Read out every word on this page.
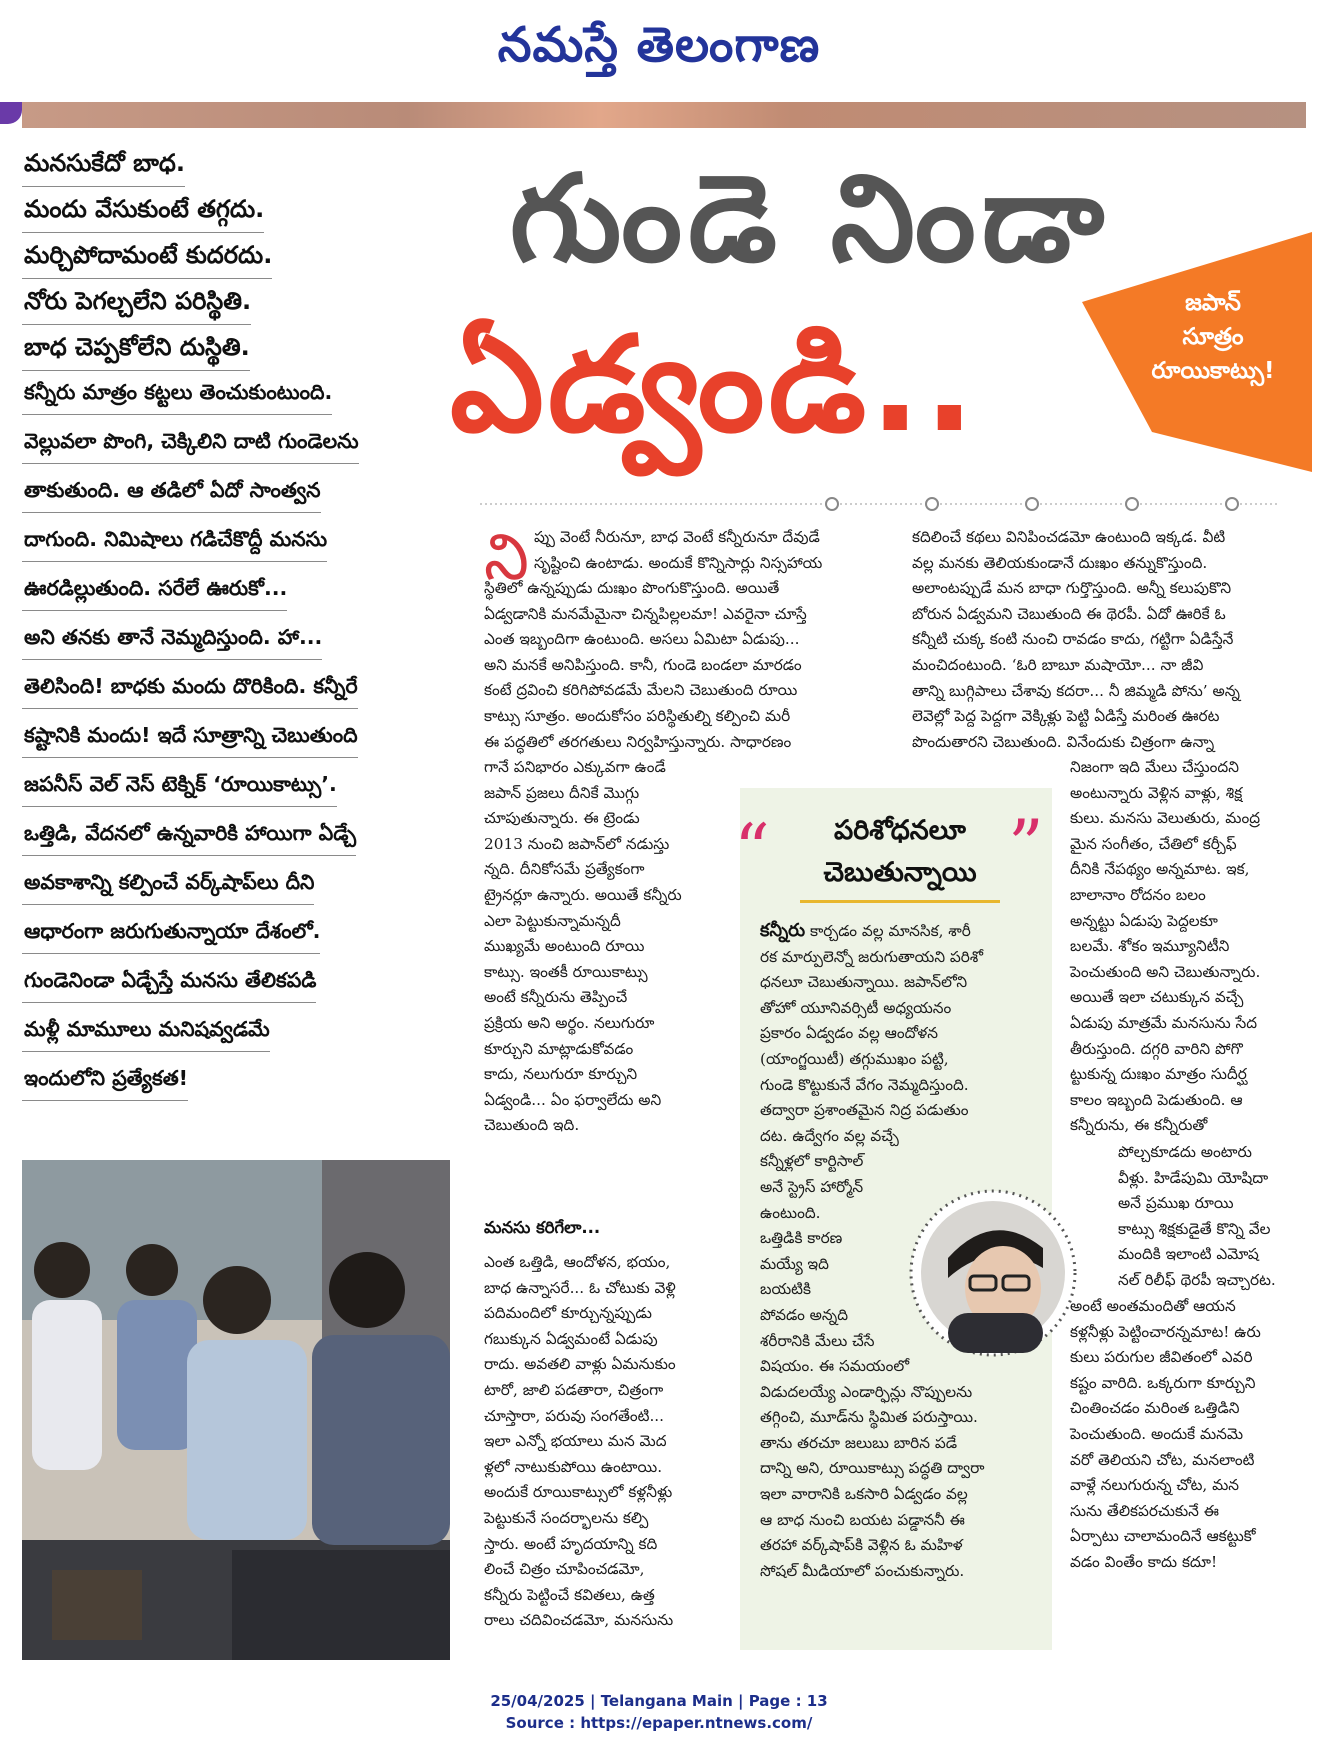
నమస్తే తెలంగాణ
మనసుకేదో బాధ.
మందు వేసుకుంటే తగ్గదు.
మర్చిపోదామంటే కుదరదు.
నోరు పెగల్చలేని పరిస్థితి.
బాధ చెప్పకోలేని దుస్థితి.
కన్నీరు మాత్రం కట్టలు తెంచుకుంటుంది.
వెల్లువలా పొంగి, చెక్కిలిని దాటి గుండెలను
తాకుతుంది. ఆ తడిలో ఏదో సాంత్వన
దాగుంది. నిమిషాలు గడిచేకొద్దీ మనసు
ఊరడిల్లుతుంది. సరేలే ఊరుకో...
అని తనకు తానే నెమ్మదిస్తుంది. హా...
తెలిసింది! బాధకు మందు దొరికింది. కన్నీరే
కష్టానికి మందు! ఇదే సూత్రాన్ని చెబుతుంది
జపనీస్ వెల్ నెస్ టెక్నిక్ ‘రూయికాట్సు’.
ఒత్తిడి, వేదనలో ఉన్నవారికి హాయిగా ఏడ్చే
అవకాశాన్ని కల్పించే వర్క్‌షాప్‌లు దీని
ఆధారంగా జరుగుతున్నాయా దేశంలో.
గుండెనిండా ఏడ్చేస్తే మనసు తేలికపడి
మళ్లీ మామూలు మనిషవ్వడమే
ఇందులోని ప్రత్యేకత!
గుండె నిండా
ఏడ్వండి..
జపాన్
సూత్రం
రూయికాట్సు!
ని ప్పు వెంటే నీరునూ, బాధ వెంటే కన్నీరునూ దేవుడే
సృష్టించి ఉంటాడు. అందుకే కొన్నిసార్లు నిస్సహాయ
స్థితిలో ఉన్నప్పుడు దుఃఖం పొంగుకొస్తుంది. అయితే
ఏడ్వడానికి మనమేమైనా చిన్నపిల్లలమా! ఎవరైనా చూస్తే
ఎంత ఇబ్బందిగా ఉంటుంది. అసలు ఏమిటా ఏడుపు...
అని మనకే అనిపిస్తుంది. కానీ, గుండె బండలా మారడం
కంటే ద్రవించి కరిగిపోవడమే మేలని చెబుతుంది రూయి
కాట్సు సూత్రం. అందుకోసం పరిస్థితుల్ని కల్పించి మరీ
ఈ పద్ధతిలో తరగతులు నిర్వహిస్తున్నారు. సాధారణం
గానే పనిభారం ఎక్కువగా ఉండే
జపాన్ ప్రజలు దీనికే మొగ్గు
చూపుతున్నారు. ఈ ట్రెండు
2013 నుంచి జపాన్‌లో నడుస్తు
న్నది. దీనికోసమే ప్రత్యేకంగా
ట్రైనర్లూ ఉన్నారు. అయితే కన్నీరు
ఎలా పెట్టుకున్నామన్నదీ
ముఖ్యమే అంటుంది రూయి
కాట్సు. ఇంతకీ రూయికాట్సు
అంటే కన్నీరును తెప్పించే
ప్రక్రియ అని అర్థం. నలుగురూ
కూర్చుని మాట్లాడుకోవడం
కాదు, నలుగురూ కూర్చుని
ఏడ్వండి... ఏం ఫర్వాలేదు అని
చెబుతుంది ఇది.
మనసు కరిగేలా...
ఎంత ఒత్తిడి, ఆందోళన, భయం,
బాధ ఉన్నాసరే... ఓ చోటుకు వెళ్లి
పదిమందిలో కూర్చున్నప్పుడు
గబుక్కున ఏడ్వమంటే ఏడుపు
రాదు. అవతలి వాళ్లు ఏమనుకుం
టారో, జాలి పడతారా, చిత్రంగా
చూస్తారా, పరువు సంగతేంటి...
ఇలా ఎన్నో భయాలు మన మెద
ళ్లలో నాటుకుపోయి ఉంటాయి.
అందుకే రూయికాట్సులో కళ్లనీళ్లు
పెట్టుకునే సందర్భాలను కల్పి
స్తారు. అంటే హృదయాన్ని కది
లించే చిత్రం చూపించడమో,
కన్నీరు పెట్టించే కవితలు, ఉత్త
రాలు చదివించడమో, మనసును
కదిలించే కథలు వినిపించడమో ఉంటుంది ఇక్కడ. వీటి
వల్ల మనకు తెలియకుండానే దుఃఖం తన్నుకొస్తుంది.
అలాంటప్పుడే మన బాధా గుర్తొస్తుంది. అన్నీ కలుపుకొని
బోరున ఏడ్వమని చెబుతుంది ఈ థెరపీ. ఏదో ఊరికే ఓ
కన్నీటి చుక్క కంటి నుంచి రావడం కాదు, గట్టిగా ఏడిస్తేనే
మంచిదంటుంది. ‘ఓరి బాబూ మషాయో... నా జీవి
తాన్ని బుగ్గిపాలు చేశావు కదరా... నీ జిమ్మడి పోను’ అన్న
లెవెల్లో పెద్ద పెద్దగా వెక్కిళ్లు పెట్టి ఏడిస్తే మరింత ఊరట
పొందుతారని చెబుతుంది. వినేందుకు చిత్రంగా ఉన్నా
“	”
పరిశోధనలూ
చెబుతున్నాయి
కన్నీరు కార్చడం వల్ల మానసిక, శారీ
రక మార్పులెన్నో జరుగుతాయని పరిశో
ధనలూ చెబుతున్నాయి. జపాన్‌లోని
తోహో యూనివర్సిటీ అధ్యయనం
ప్రకారం ఏడ్వడం వల్ల ఆందోళన
(యాంగ్జయిటీ) తగ్గుముఖం పట్టి,
గుండె కొట్టుకునే వేగం నెమ్మదిస్తుంది.
తద్వారా ప్రశాంతమైన నిద్ర పడుతుం
దట. ఉద్వేగం వల్ల వచ్చే
కన్నీళ్లలో కార్టిసాల్
అనే స్ట్రెస్ హార్మోన్
ఉంటుంది.
ఒత్తిడికి కారణ
మయ్యే ఇది
బయటికి
పోవడం అన్నది
శరీరానికి మేలు చేసే
విషయం. ఈ సమయంలో
విడుదలయ్యే ఎండార్ఫిన్లు నొప్పులను
తగ్గించి, మూడ్‌ను స్థిమిత పరుస్తాయి.
తాను తరచూ జలుబు బారిన పడే
దాన్ని అని, రూయికాట్సు పద్ధతి ద్వారా
ఇలా వారానికి ఒకసారి ఏడ్వడం వల్ల
ఆ బాధ నుంచి బయట పడ్డాననీ ఈ
తరహా వర్క్‌షాప్‌కి వెళ్లిన ఓ మహిళ
సోషల్ మీడియాలో పంచుకున్నారు.
నిజంగా ఇది మేలు చేస్తుందని
అంటున్నారు వెళ్లిన వాళ్లు, శిక్ష
కులు. మనసు వెలుతురు, మంద్ర
మైన సంగీతం, చేతిలో కర్చీఫ్
దీనికి నేపథ్యం అన్నమాట. ఇక,
బాలానాం రోదనం బలం
అన్నట్టు ఏడుపు పెద్దలకూ
బలమే. శోకం ఇమ్యూనిటీని
పెంచుతుంది అని చెబుతున్నారు.
అయితే ఇలా చటుక్కున వచ్చే
ఏడుపు మాత్రమే మనసును సేద
తీరుస్తుంది. దగ్గరి వారిని పోగొ
ట్టుకున్న దుఃఖం మాత్రం సుదీర్ఘ
కాలం ఇబ్బంది పెడుతుంది. ఆ
కన్నీరును, ఈ కన్నీరుతో
పోల్చకూడదు అంటారు
వీళ్లు. హిడేపుమి యోషిదా
అనే ప్రముఖ రూయి
కాట్సు శిక్షకుడైతే కొన్ని వేల
మందికి ఇలాంటి ఎమోష
నల్ రిలీఫ్ థెరపీ ఇచ్చారట.
అంటే అంతమందితో ఆయన
కళ్లనీళ్లు పెట్టించారన్నమాట! ఉరు
కులు పరుగుల జీవితంలో ఎవరి
కష్టం వారిది. ఒక్కరుగా కూర్చుని
చింతించడం మరింత ఒత్తిడిని
పెంచుతుంది. అందుకే మనమె
వరో తెలియని చోట, మనలాంటి
వాళ్లే నలుగురున్న చోట, మన
సును తేలికపరచుకునే ఈ
ఏర్పాటు చాలామందినే ఆకట్టుకో
వడం వింతేం కాదు కదూ!
25/04/2025 | Telangana Main | Page : 13
Source : https://epaper.ntnews.com/
